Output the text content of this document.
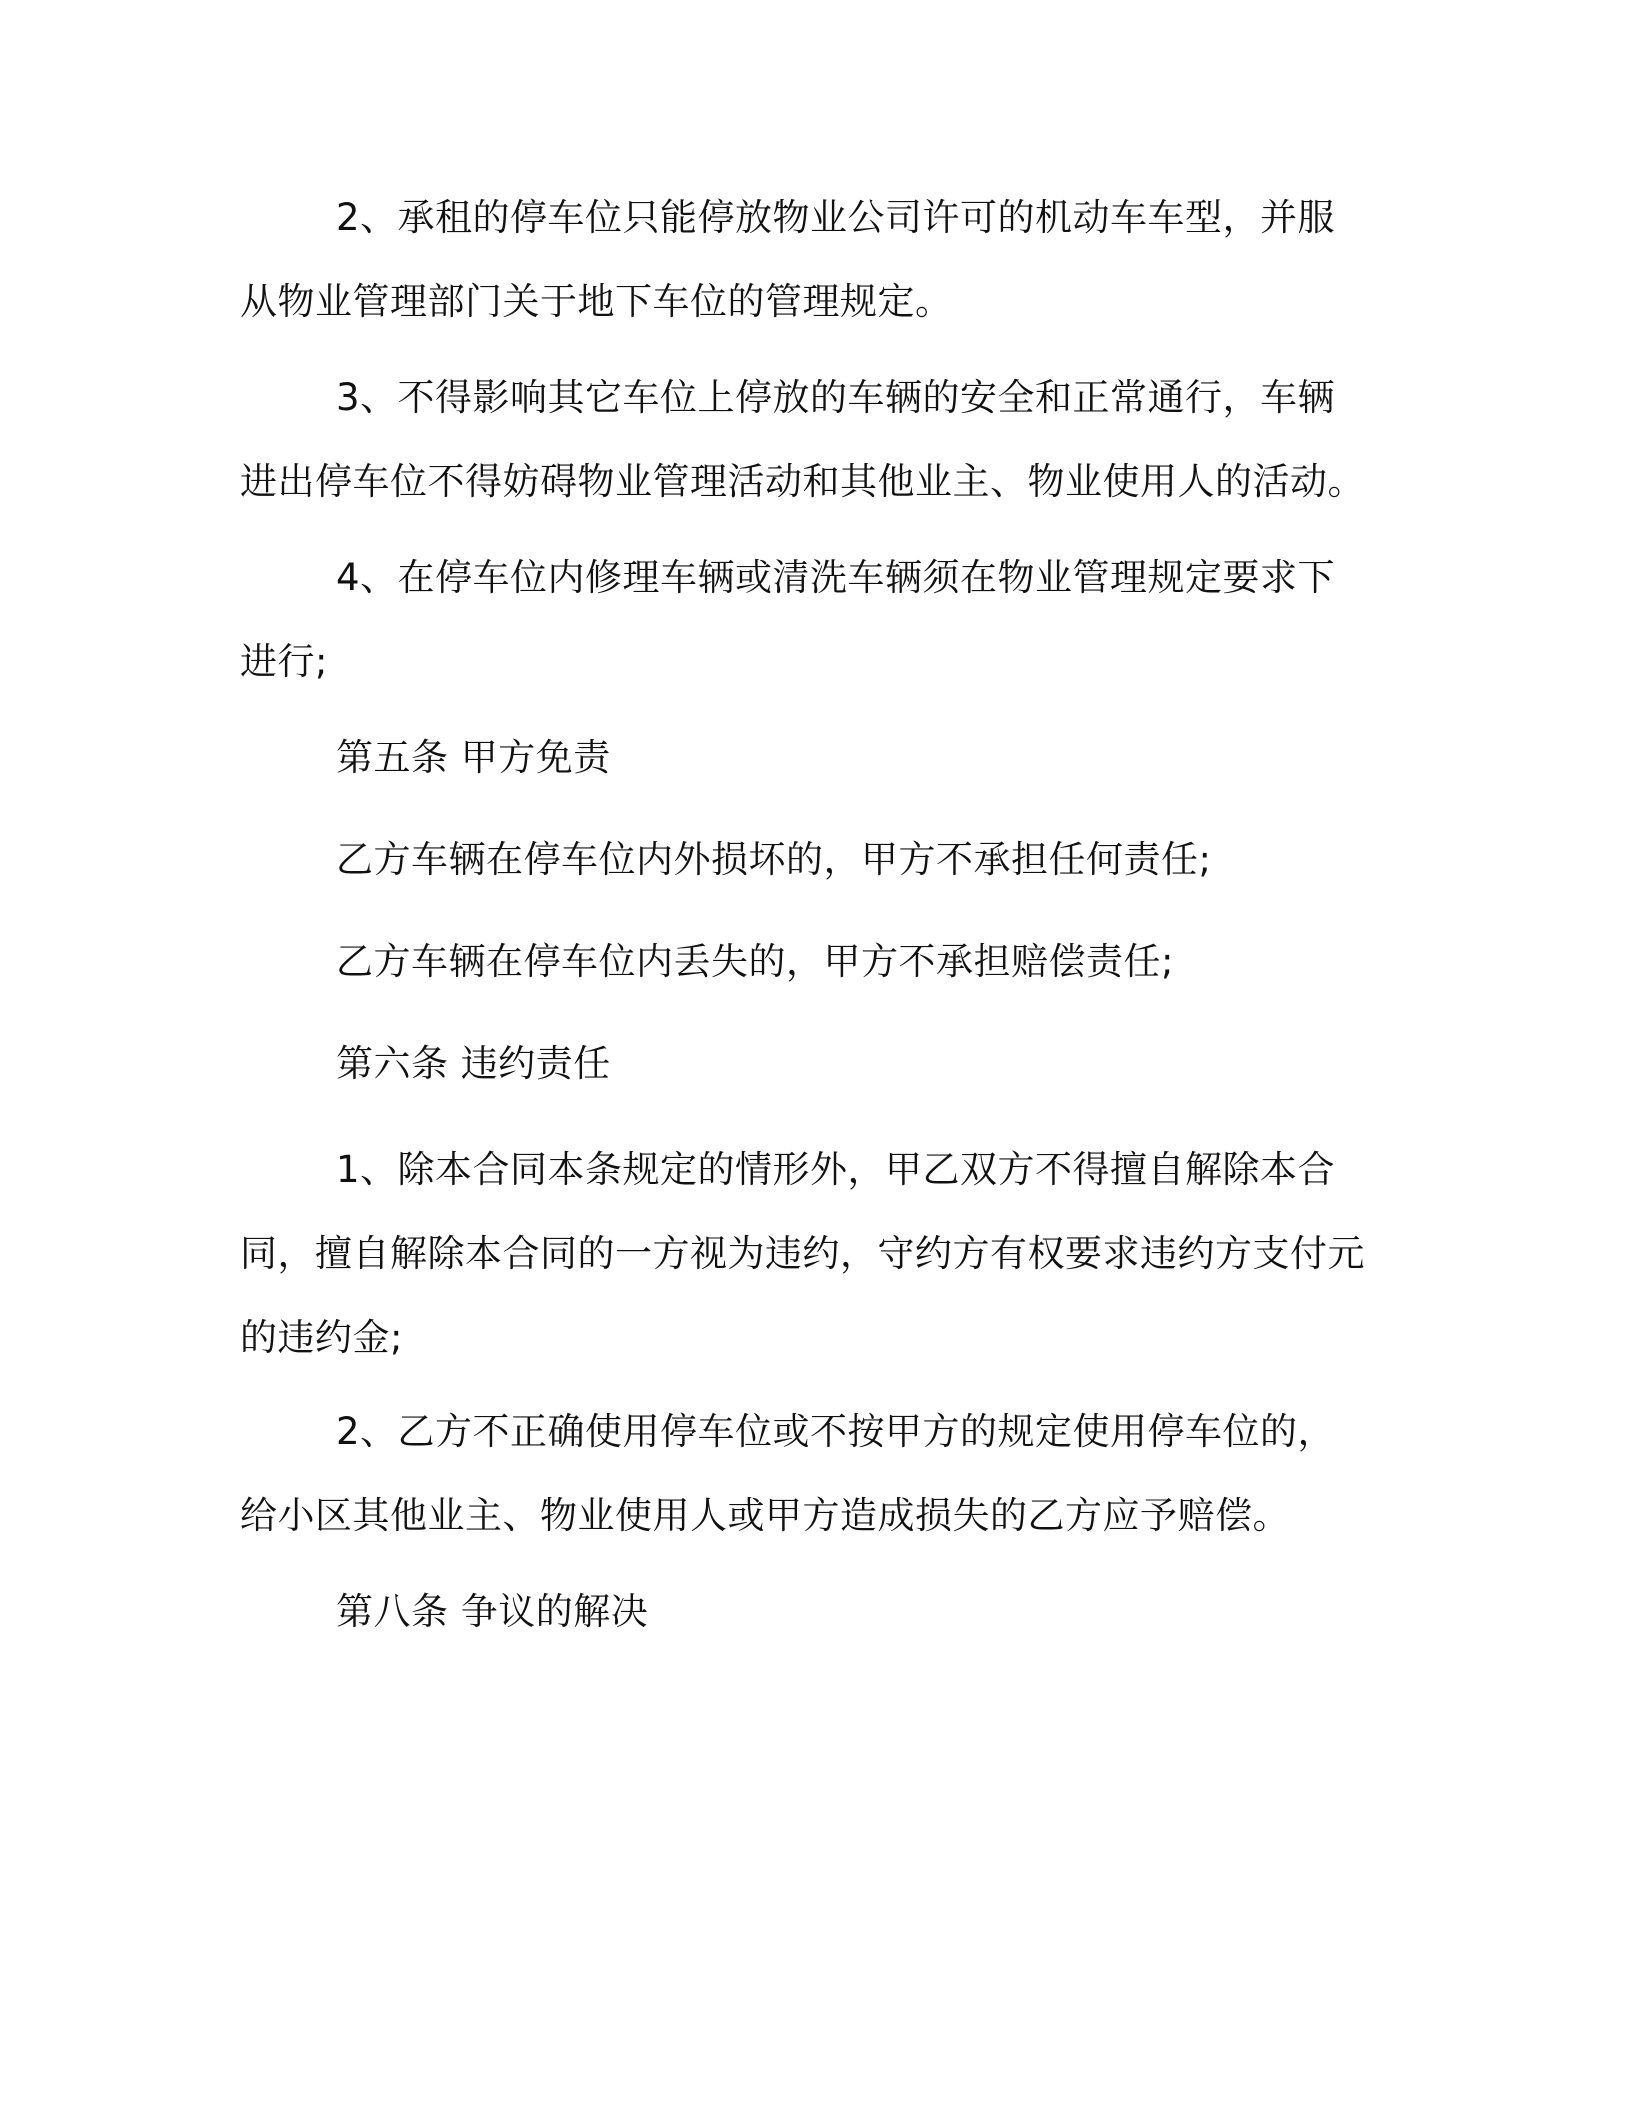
2、承租的停车位只能停放物业公司许可的机动车车型，并服从物业管理部门关于地下车位的管理规定。

3、不得影响其它车位上停放的车辆的安全和正常通行，车辆进出停车位不得妨碍物业管理活动和其他业主、物业使用人的活动。

4、在停车位内修理车辆或清洗车辆须在物业管理规定要求下进行;

第五条 甲方免责

乙方车辆在停车位内外损坏的，甲方不承担任何责任;

乙方车辆在停车位内丢失的，甲方不承担赔偿责任;

第六条 违约责任

1、除本合同本条规定的情形外，甲乙双方不得擅自解除本合同，擅自解除本合同的一方视为违约，守约方有权要求违约方支付元的违约金;

2、乙方不正确使用停车位或不按甲方的规定使用停车位的，给小区其他业主、物业使用人或甲方造成损失的乙方应予赔偿。

第八条 争议的解决
